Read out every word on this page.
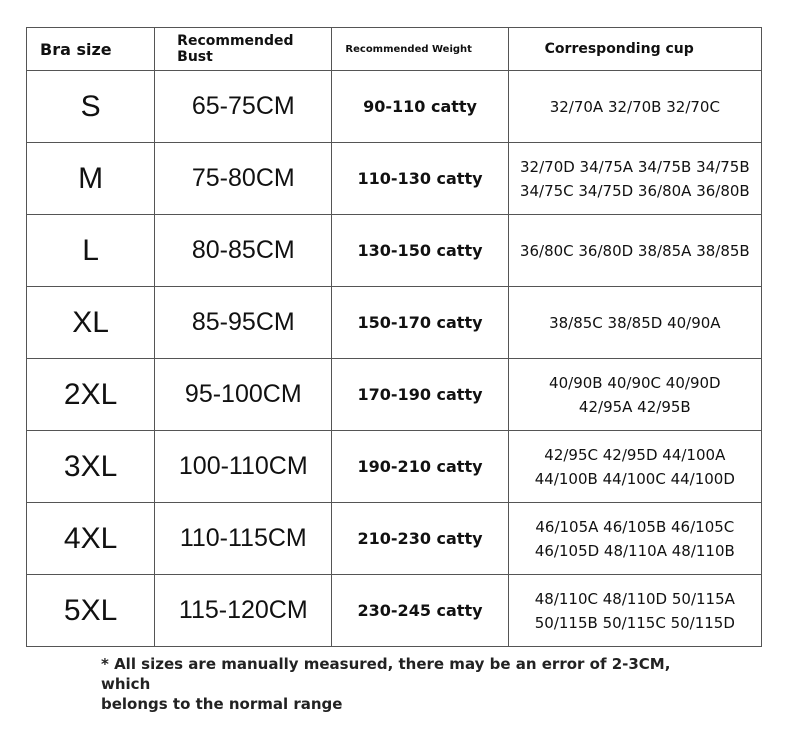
Bra size	Recommended Bust	Recommended Weight	Corresponding cup
S	65-75CM	90-110 catty	32/70A 32/70B 32/70C

M	75-80CM	110-130 catty	32/70D 34/75A 34/75B 34/75B
34/75C 34/75D 36/80A 36/80B

L	80-85CM	130-150 catty	36/80C 36/80D 38/85A 38/85B

XL	85-95CM	150-170 catty	38/85C 38/85D 40/90A

2XL	95-100CM	170-190 catty	40/90B 40/90C 40/90D
42/95A 42/95B

3XL	100-110CM	190-210 catty	42/95C 42/95D 44/100A
44/100B 44/100C 44/100D

4XL	110-115CM	210-230 catty	46/105A 46/105B 46/105C
46/105D 48/110A 48/110B

5XL	115-120CM	230-245 catty	48/110C 48/110D 50/115A
50/115B 50/115C 50/115D
* All sizes are manually measured, there may be an error of 2-3CM, which
belongs to the normal range
